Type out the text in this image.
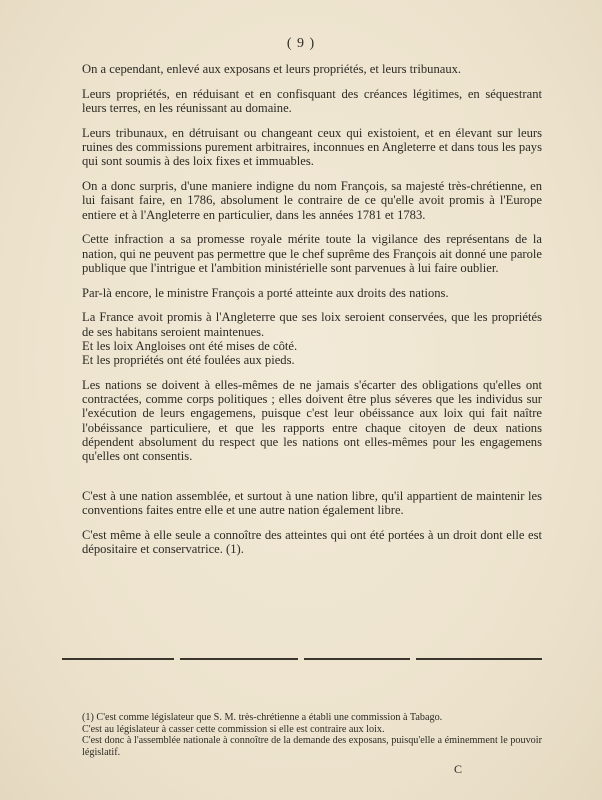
( 9 )

On a cependant, enlevé aux exposans et leurs propriétés, et leurs tribunaux.

Leurs propriétés, en réduisant et en confisquant des créances légitimes, en séquestrant leurs terres, en les réunissant au domaine.

Leurs tribunaux, en détruisant ou changeant ceux qui existoient, et en élevant sur leurs ruines des commissions purement arbitraires, inconnues en Angleterre et dans tous les pays qui sont soumis à des loix fixes et immuables.

On a donc surpris, d'une maniere indigne du nom François, sa majesté très-chrétienne, en lui faisant faire, en 1786, absolument le contraire de ce qu'elle avoit promis à l'Europe entiere et à l'Angleterre en particulier, dans les années 1781 et 1783.

Cette infraction a sa promesse royale mérite toute la vigilance des représentans de la nation, qui ne peuvent pas permettre que le chef suprême des François ait donné une parole publique que l'intrigue et l'ambition ministérielle sont parvenues à lui faire oublier.

Par-là encore, le ministre François a porté atteinte aux droits des nations.

La France avoit promis à l'Angleterre que ses loix seroient conservées, que les propriétés de ses habitans seroient maintenues.

Et les loix Angloises ont été mises de côté.

Et les propriétés ont été foulées aux pieds.

Les nations se doivent à elles-mêmes de ne jamais s'écarter des obligations qu'elles ont contractées, comme corps politiques ; elles doivent être plus séveres que les individus sur l'exécution de leurs engagemens, puisque c'est leur obéissance aux loix qui fait naître l'obéissance particuliere, et que les rapports entre chaque citoyen de deux nations dépendent absolument du respect que les nations ont elles-mêmes pour les engagemens qu'elles ont consentis.

C'est à une nation assemblée, et surtout à une nation libre, qu'il appartient de maintenir les conventions faites entre elle et une autre nation également libre.

C'est même à elle seule a connoître des atteintes qui ont été portées à un droit dont elle est dépositaire et conservatrice. (1).

(1) C'est comme législateur que S. M. très-chrétienne a établi une commission à Tabago.

C'est au législateur à casser cette commission si elle est contraire aux loix.

C'est donc à l'assemblée nationale à connoître de la demande des exposans, puisqu'elle a éminemment le pouvoir législatif.

C
